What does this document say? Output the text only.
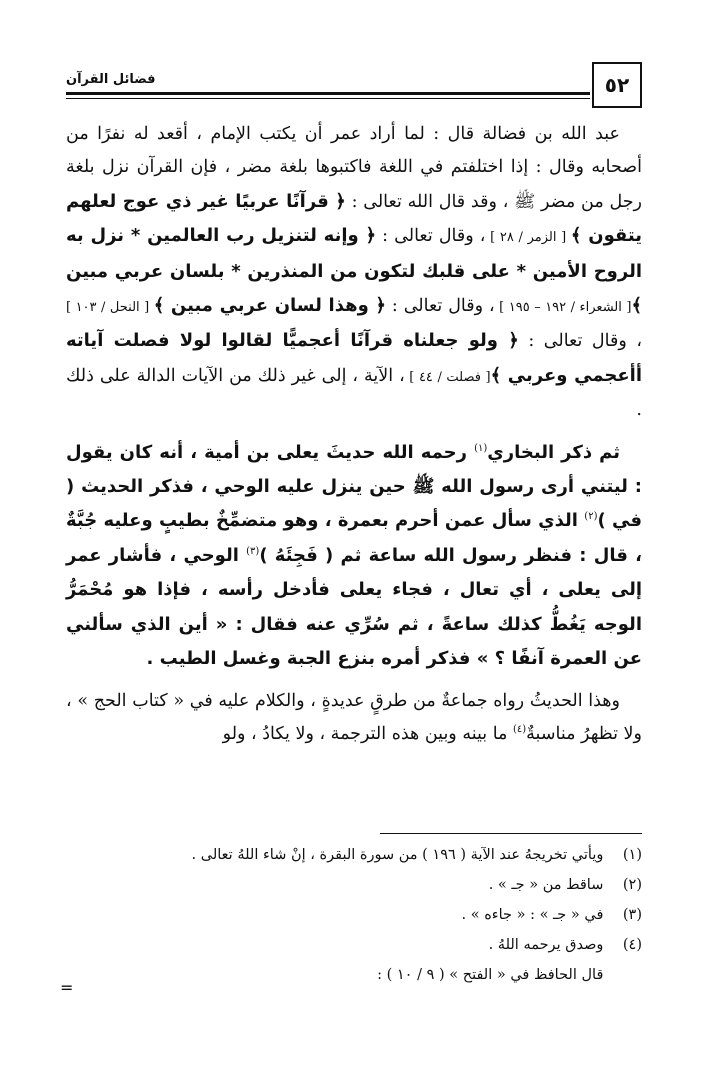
٥٢
فضائل القرآن

عبد الله بن فضالة قال : لما أراد عمر أن يكتب الإمام ، أقعد له نفرًا من أصحابه وقال : إذا اختلفتم في اللغة فاكتبوها بلغة مضر ، فإن القرآن نزل بلغة رجل من مضر ﷺ ، وقد قال الله تعالى : ﴿ قرآنًا عربيًا غير ذي عوج لعلهم يتقون ﴾ [ الزمر / ٢٨ ] ، وقال تعالى : ﴿ وإنه لتنزيل رب العالمين * نزل به الروح الأمين * على قلبك لتكون من المنذرين * بلسان عربي مبين ﴾[ الشعراء / ١٩٢ – ١٩٥ ] ، وقال تعالى : ﴿ وهذا لسان عربي مبين ﴾ [ النحل / ١٠٣ ] ، وقال تعالى : ﴿ ولو جعلناه قرآنًا أعجميًّا لقالوا لولا فصلت آياته أأعجمي وعربي ﴾[ فصلت / ٤٤ ] ، الآية ، إلى غير ذلك من الآيات الدالة على ذلك .

ثم ذكر البخاري$^{(١)}$ رحمه الله حديثَ يعلى بن أمية ، أنه كان يقول : ليتني أرى رسول الله ﷺ حين ينزل عليه الوحي ، فذكر الحديث ( في )$^{(٢)}$ الذي سأل عمن أحرم بعمرة ، وهو متضمِّخٌ بطيبٍ وعليه جُبَّةٌ ، قال : فنظر رسول الله ساعة ثم ( فَجِئَهُ )$^{(٣)}$ الوحي ، فأشار عمر إلى يعلى ، أي تعال ، فجاء يعلى فأدخل رأسه ، فإذا هو مُحْمَرُّ الوجه يَغُطُّ كذلك ساعةً ، ثم سُرِّي عنه فقال : « أين الذي سألني عن العمرة آنفًا ؟ » فذكر أمره بنزع الجبة وغسل الطيب .

وهذا الحديثُ رواه جماعةٌ من طرقٍ عديدةٍ ، والكلام عليه في « كتاب الحج » ، ولا تظهرُ مناسبةٌ$^{(٤)}$ ما بينه وبين هذه الترجمة ، ولا يكادُ ، ولو

(١) ويأتي تخريجهُ عند الآية ( ١٩٦ ) من سورة البقرة ، إنْ شاء اللهُ تعالى .
(٢) ساقط من « جـ » .
(٣) في « جـ » : « جاءه » .
(٤) وصدق يرحمه اللهُ .
قال الحافظ في « الفتح » ( ٩ / ١٠ ) :
=
